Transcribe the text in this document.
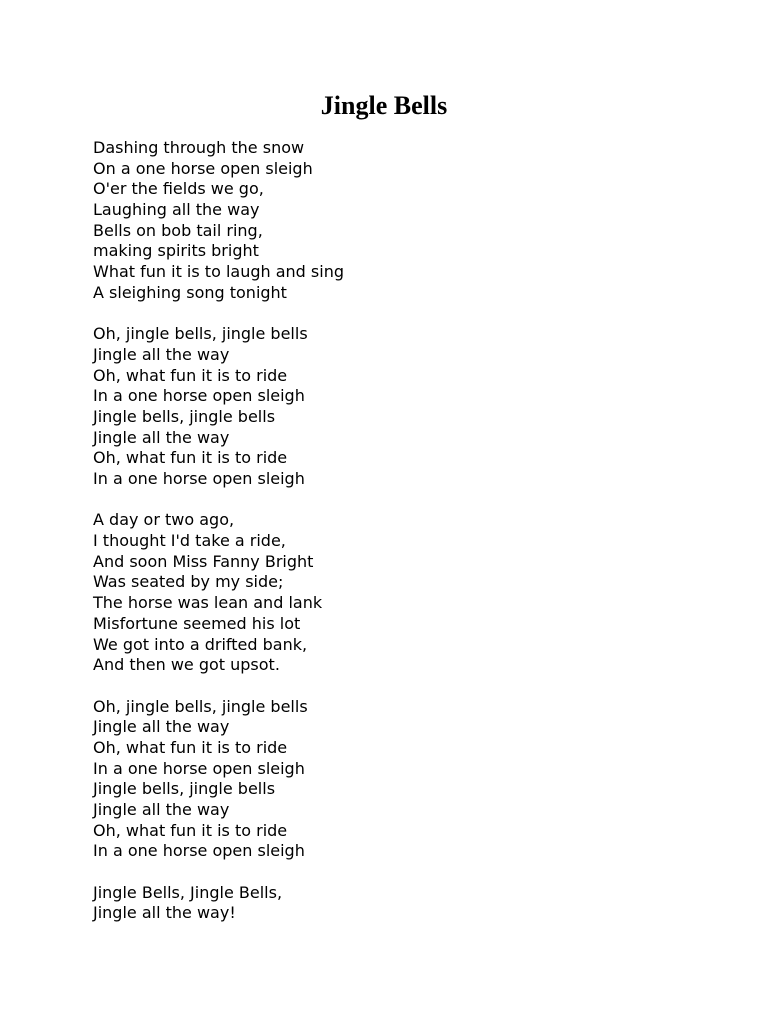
Jingle Bells
Dashing through the snow
On a one horse open sleigh
O'er the fields we go,
Laughing all the way
Bells on bob tail ring,
making spirits bright
What fun it is to laugh and sing
A sleighing song tonight
Oh, jingle bells, jingle bells
Jingle all the way
Oh, what fun it is to ride
In a one horse open sleigh
Jingle bells, jingle bells
Jingle all the way
Oh, what fun it is to ride
In a one horse open sleigh
A day or two ago,
I thought I'd take a ride,
And soon Miss Fanny Bright
Was seated by my side;
The horse was lean and lank
Misfortune seemed his lot
We got into a drifted bank,
And then we got upsot.
Oh, jingle bells, jingle bells
Jingle all the way
Oh, what fun it is to ride
In a one horse open sleigh
Jingle bells, jingle bells
Jingle all the way
Oh, what fun it is to ride
In a one horse open sleigh
Jingle Bells, Jingle Bells,
Jingle all the way!
